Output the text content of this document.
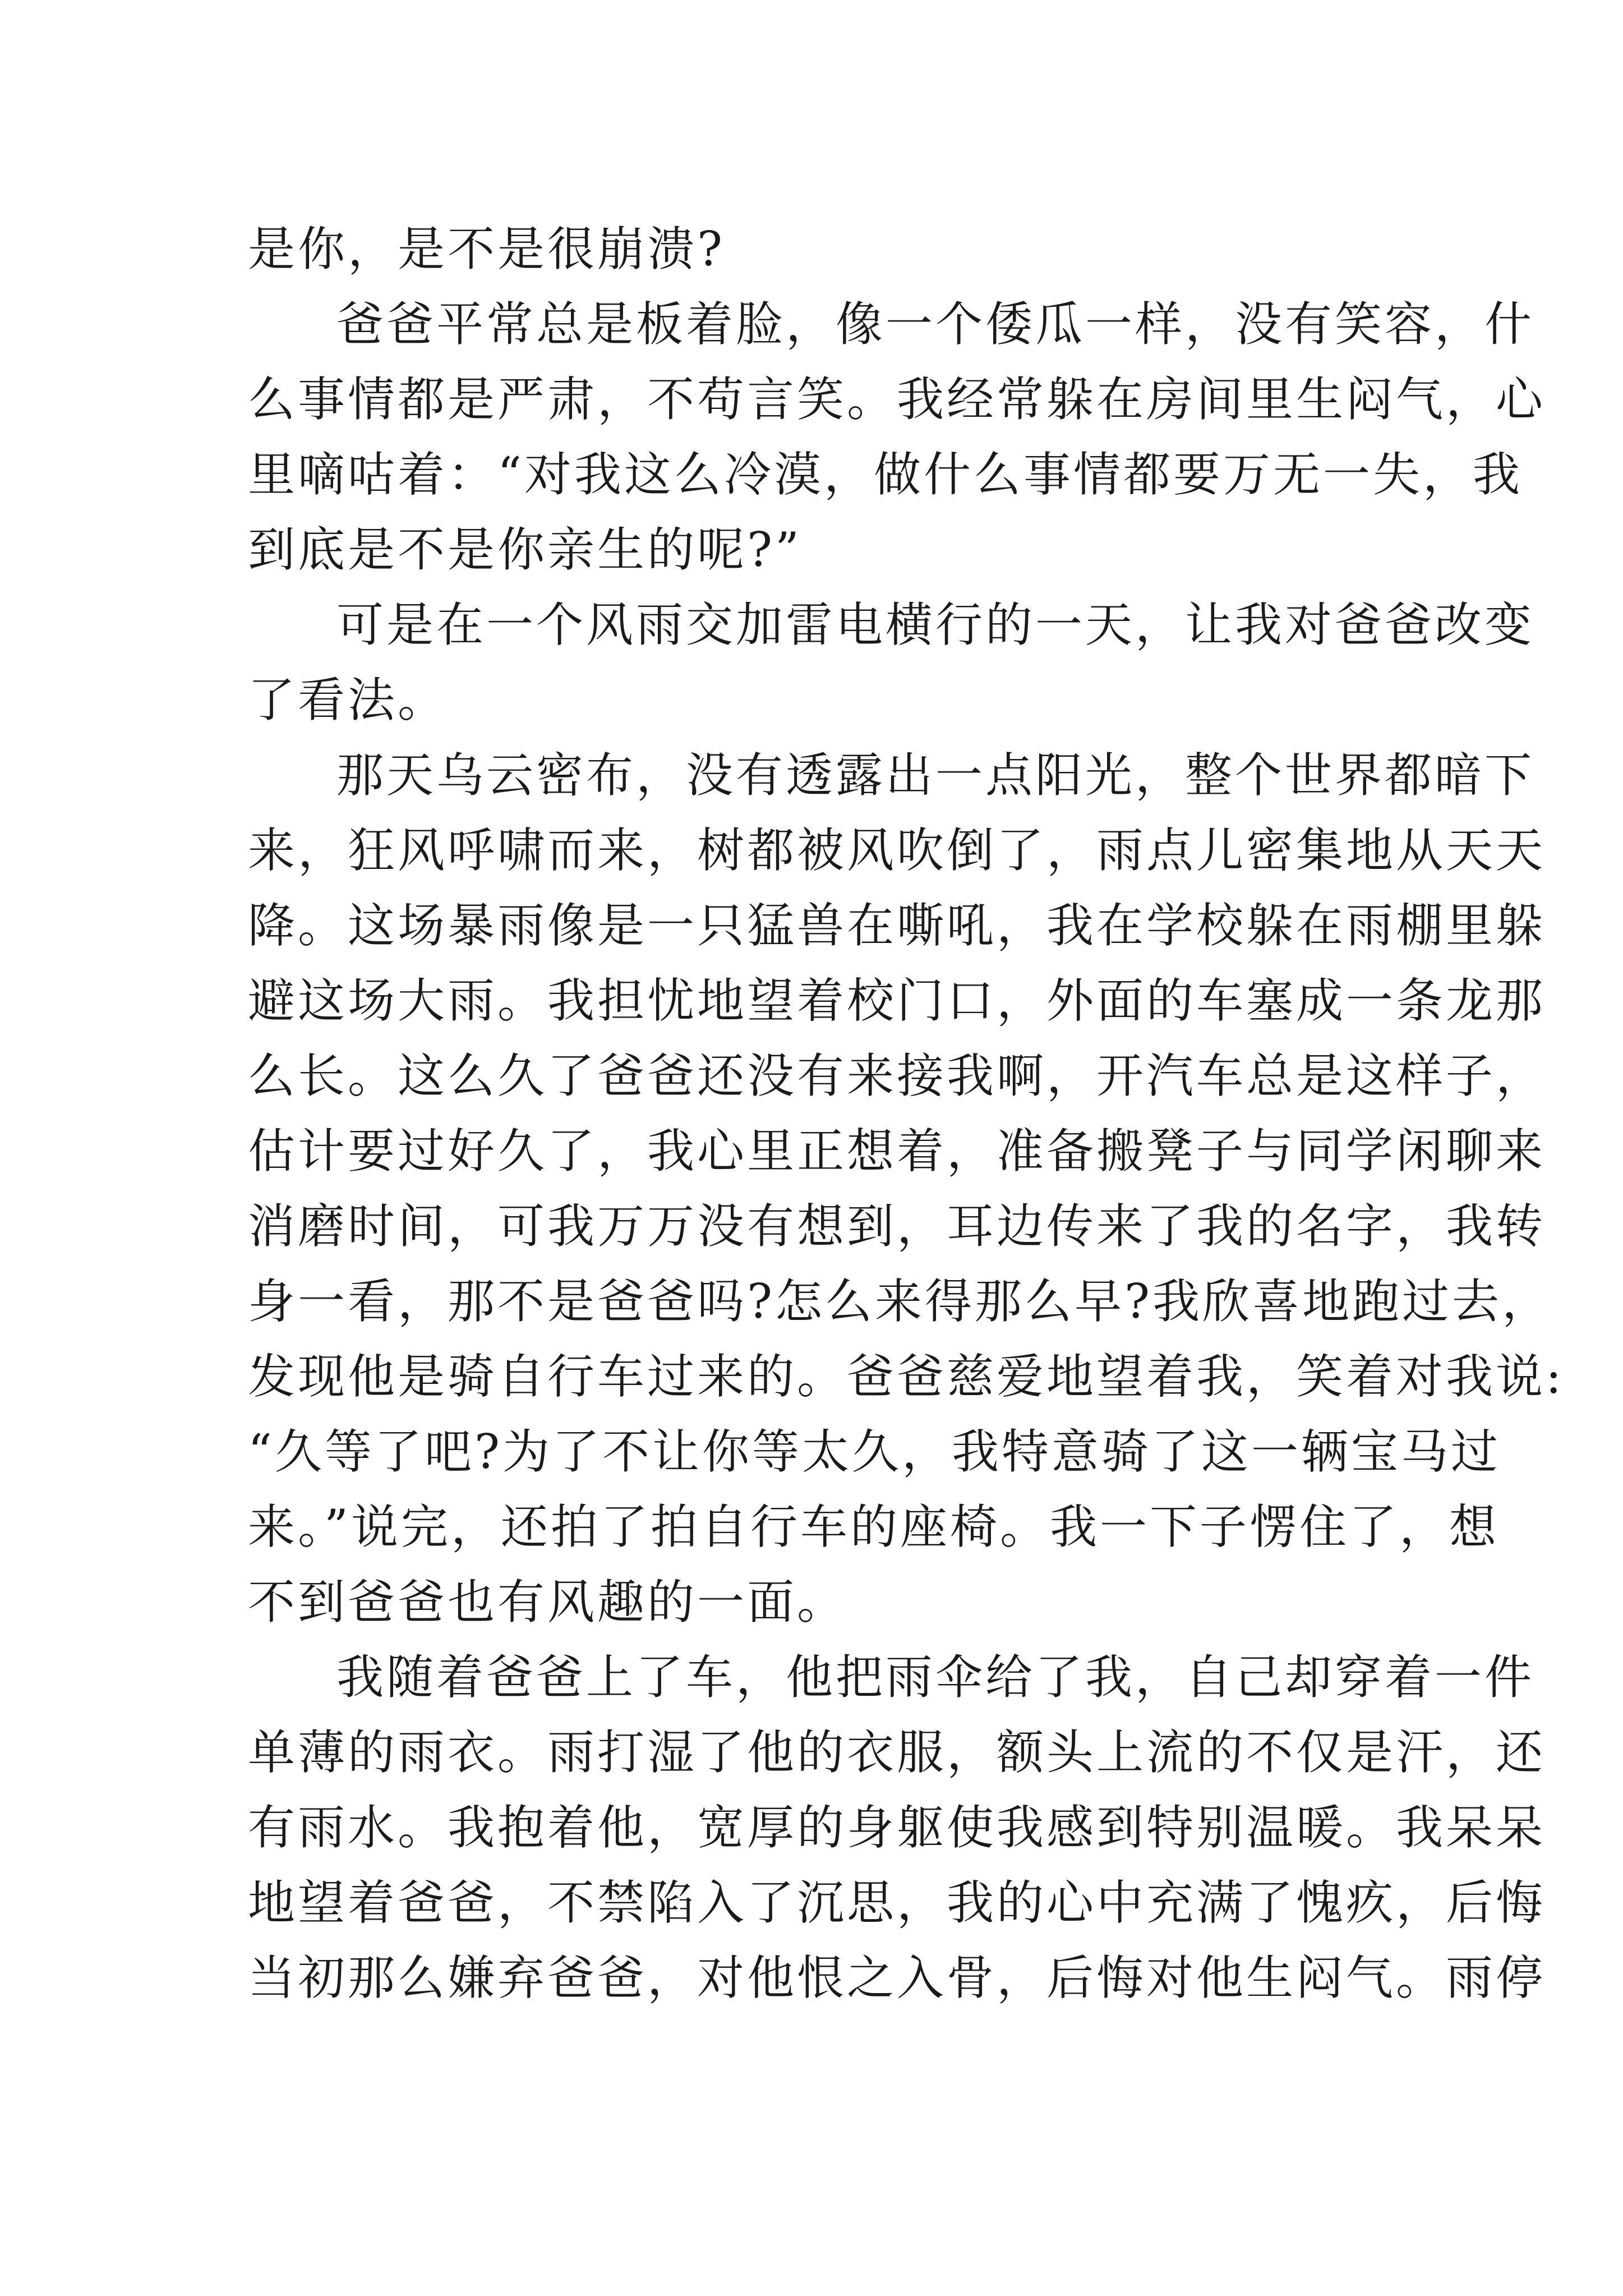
是你，是不是很崩溃?
爸爸平常总是板着脸，像一个倭瓜一样，没有笑容，什
么事情都是严肃，不苟言笑。我经常躲在房间里生闷气，心
里嘀咕着：“对我这么冷漠，做什么事情都要万无一失，我
到底是不是你亲生的呢?”
可是在一个风雨交加雷电横行的一天，让我对爸爸改变
了看法。
那天乌云密布，没有透露出一点阳光，整个世界都暗下
来，狂风呼啸而来，树都被风吹倒了，雨点儿密集地从天天
降。这场暴雨像是一只猛兽在嘶吼，我在学校躲在雨棚里躲
避这场大雨。我担忧地望着校门口，外面的车塞成一条龙那
么长。这么久了爸爸还没有来接我啊，开汽车总是这样子，
估计要过好久了，我心里正想着，准备搬凳子与同学闲聊来
消磨时间，可我万万没有想到，耳边传来了我的名字，我转
身一看，那不是爸爸吗?怎么来得那么早?我欣喜地跑过去，
发现他是骑自行车过来的。爸爸慈爱地望着我，笑着对我说:
“久等了吧?为了不让你等太久，我特意骑了这一辆宝马过
来。”说完，还拍了拍自行车的座椅。我一下子愣住了，想
不到爸爸也有风趣的一面。
我随着爸爸上了车，他把雨伞给了我，自己却穿着一件
单薄的雨衣。雨打湿了他的衣服，额头上流的不仅是汗，还
有雨水。我抱着他，宽厚的身躯使我感到特别温暖。我呆呆
地望着爸爸，不禁陷入了沉思，我的心中充满了愧疚，后悔
当初那么嫌弃爸爸，对他恨之入骨，后悔对他生闷气。雨停
